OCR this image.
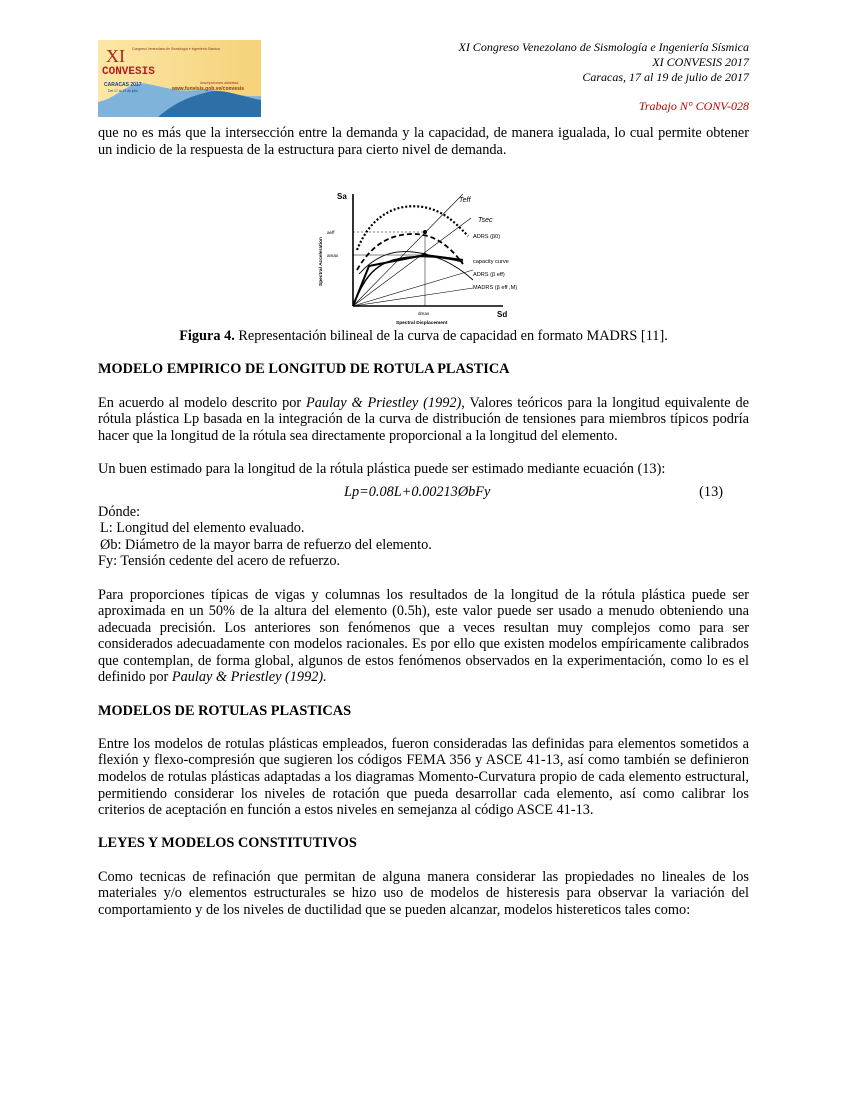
XI
CONVESIS
Congreso Venezolano de Sismología e Ingeniería Sísmica
CARACAS 2017
Del 17 al 19 de julio
inscripciones abiertas
www.funvisis.gob.ve/convesis
XI Congreso Venezolano de Sismología e Ingeniería Sísmica
XI CONVESIS 2017
Caracas, 17 al 19 de julio de 2017
Trabajo N° CONV-028

que no es más que la intersección entre la demanda y la capacidad, de manera igualada, lo cual permite obtener un indicio de la respuesta de la estructura para cierto nivel de demanda.

Sa
Sd
aeff
amax
dmax
Spectral Acceleration
Spectral Displacement
Teff
Tsec
ADRS (β0)
capacity curve
ADRS (β eff)
MADRS (β eff ,M)

Figura 4. Representación bilineal de la curva de capacidad en formato MADRS [11].

MODELO EMPIRICO DE LONGITUD DE ROTULA PLASTICA

En acuerdo al modelo descrito por Paulay & Priestley (1992), Valores teóricos para la longitud equivalente de rótula plástica Lp basada en la integración de la curva de distribución de tensiones para miembros típicos podría hacer que la longitud de la rótula sea directamente proporcional a la longitud del elemento.

Un buen estimado para la longitud de la rótula plástica puede ser estimado mediante ecuación (13):

Lp=0.08L+0.00213ØbFy	(13)
Dónde:
L: Longitud del elemento evaluado.
Øb: Diámetro de la mayor barra de refuerzo del elemento.
Fy: Tensión cedente del acero de refuerzo.

Para proporciones típicas de vigas y columnas los resultados de la longitud de la rótula plástica puede ser aproximada en un 50% de la altura del elemento (0.5h), este valor puede ser usado a menudo obteniendo una adecuada precisión. Los anteriores son fenómenos que a veces resultan muy complejos como para ser considerados adecuadamente con modelos racionales. Es por ello que existen modelos empíricamente calibrados que contemplan, de forma global, algunos de estos fenómenos observados en la experimentación, como lo es el definido por Paulay & Priestley (1992).

MODELOS DE ROTULAS PLASTICAS

Entre los modelos de rotulas plásticas empleados, fueron consideradas las definidas para elementos sometidos a flexión y flexo-compresión que sugieren los códigos FEMA 356 y ASCE 41-13, así como también se definieron modelos de rotulas plásticas adaptadas a los diagramas Momento-Curvatura propio de cada elemento estructural, permitiendo considerar los niveles de rotación que pueda desarrollar cada elemento, así como calibrar los criterios de aceptación en función a estos niveles en semejanza al código ASCE 41-13.

LEYES Y MODELOS CONSTITUTIVOS

Como tecnicas de refinación que permitan de alguna manera considerar las propiedades no lineales de los materiales y/o elementos estructurales se hizo uso de modelos de histeresis para observar la variación del comportamiento y de los niveles de ductilidad que se pueden alcanzar, modelos histereticos tales como:
